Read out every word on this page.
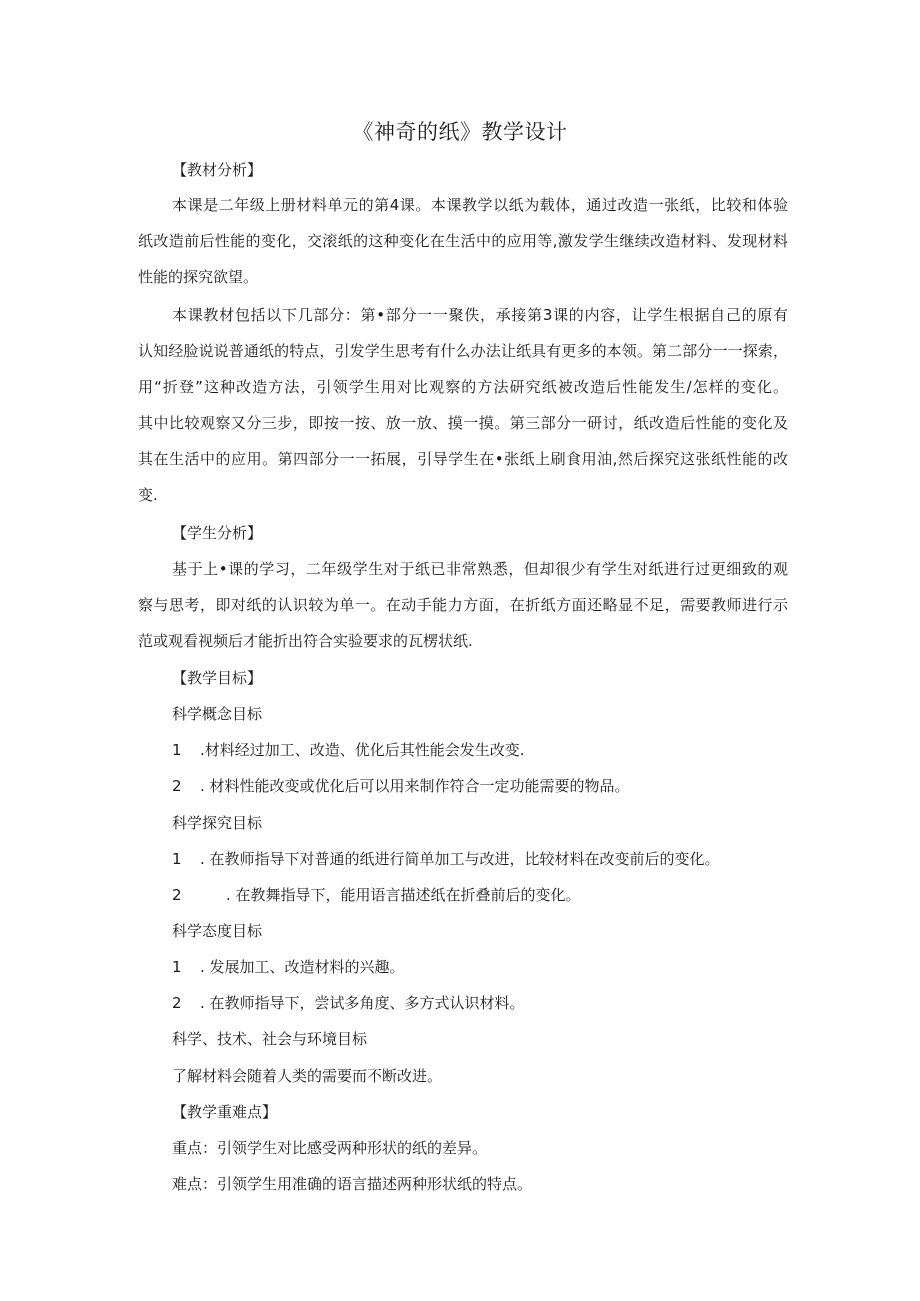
《神奇的纸》教学设计
【教材分析】
本课是二年级上册材料单元的第4课。本课教学以纸为载体，通过改造一张纸，比较和体验
纸改造前后性能的变化，交滚纸的这种变化在生活中的应用等,激发学生继续改造材料、发现材料
性能的探究欲望。
本课教材包括以下几部分：第•部分一一聚佚，承接第3课的内容，让学生根据自己的原有
认知经脸说说普通纸的特点，引发学生思考有什么办法让纸具有更多的本领。第二部分一一探索，
用“折登”这种改造方法，引领学生用对比观察的方法研究纸被改造后性能发生/怎样的变化。
其中比较观察又分三步，即按一按、放一放、摸一摸。第三部分一研讨，纸改造后性能的变化及
其在生活中的应用。第四部分一一拓展，引导学生在•张纸上刷食用油,然后探究这张纸性能的改
变.
【学生分析】
基于上•课的学习，二年级学生对于纸已非常熟悉，但却很少有学生对纸进行过更细致的观
察与思考，即对纸的认识较为单一。在动手能力方面，在折纸方面还略显不足，需要教师进行示
范或观看视频后才能折出符合实验要求的瓦楞状纸.
【教学目标】
科学概念目标
1 .材料经过加工、改造、优化后其性能会发生改变.
2 . 材料性能改变或优化后可以用来制作符合一定功能需要的物品。
科学探究目标
1 . 在教师指导下对普通的纸进行简单加工与改进，比较材料在改变前后的变化。
2	. 在教舞指导下，能用语言描述纸在折叠前后的变化。
科学态度目标
1 . 发展加工、改造材料的兴趣。
2 . 在教师指导下，尝试多角度、多方式认识材料。
科学、技术、社会与环境目标
了解材料会随着人类的需要而不断改进。
【教学重难点】
重点：引领学生对比感受两种形状的纸的差异。
难点：引领学生用准确的语言描述两种形状纸的特点。
